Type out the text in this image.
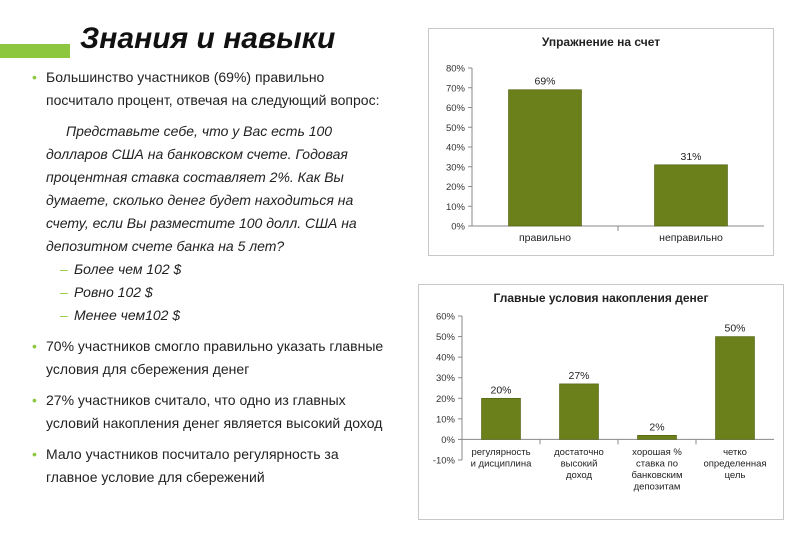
Знания и навыки

• Большинство участников (69%) правильно посчитало процент, отвечая на следующий вопрос:

Представьте себе, что у Вас есть 100 долларов США на банковском счете. Годовая процентная ставка составляет 2%. Как Вы думаете, сколько денег будет находиться на счету, если Вы разместите 100 долл. США на депозитном счете банка на 5 лет?

– Более чем 102 $

– Ровно 102 $

– Менее чем102 $

• 70% участников смогло правильно указать главные условия для сбережения денег

• 27% участников считало, что одно из главных условий накопления денег является высокий доход

• Мало участников посчитало регулярность за главное условие для сбережений

Упражнение на счет
0%
10%
20%
30%
40%
50%
60%
70%
80%
69%
правильно
31%
неправильно
Главные условия накопления денег
-10%
0%
10%
20%
30%
40%
50%
60%
20%
регулярность
и дисциплина
27%
достаточно
высокий
доход
2%
хорошая %
ставка по
банковским
депозитам
50%
четко
определенная
цель
